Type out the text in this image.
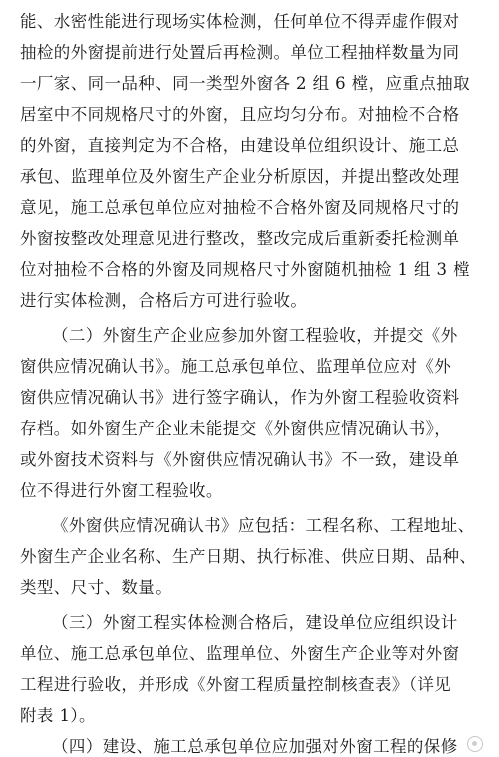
能、水密性能进行现场实体检测，任何单位不得弄虚作假对
抽检的外窗提前进行处置后再检测。单位工程抽样数量为同
一厂家、同一品种、同一类型外窗各 2 组 6 樘，应重点抽取
居室中不同规格尺寸的外窗，且应均匀分布。对抽检不合格
的外窗，直接判定为不合格，由建设单位组织设计、施工总
承包、监理单位及外窗生产企业分析原因，并提出整改处理
意见，施工总承包单位应对抽检不合格外窗及同规格尺寸的
外窗按整改处理意见进行整改，整改完成后重新委托检测单
位对抽检不合格的外窗及同规格尺寸外窗随机抽检 1 组 3 樘
进行实体检测，合格后方可进行验收。
（二）外窗生产企业应参加外窗工程验收，并提交《外
窗供应情况确认书》。施工总承包单位、监理单位应对《外
窗供应情况确认书》进行签字确认，作为外窗工程验收资料
存档。如外窗生产企业未能提交《外窗供应情况确认书》，
或外窗技术资料与《外窗供应情况确认书》不一致，建设单
位不得进行外窗工程验收。
《外窗供应情况确认书》应包括：工程名称、工程地址、
外窗生产企业名称、生产日期、执行标准、供应日期、品种、
类型、尺寸、数量。
（三）外窗工程实体检测合格后，建设单位应组织设计
单位、施工总承包单位、监理单位、外窗生产企业等对外窗
工程进行验收，并形成《外窗工程质量控制核查表》（详见
附表 1）。
（四）建设、施工总承包单位应加强对外窗工程的保修
